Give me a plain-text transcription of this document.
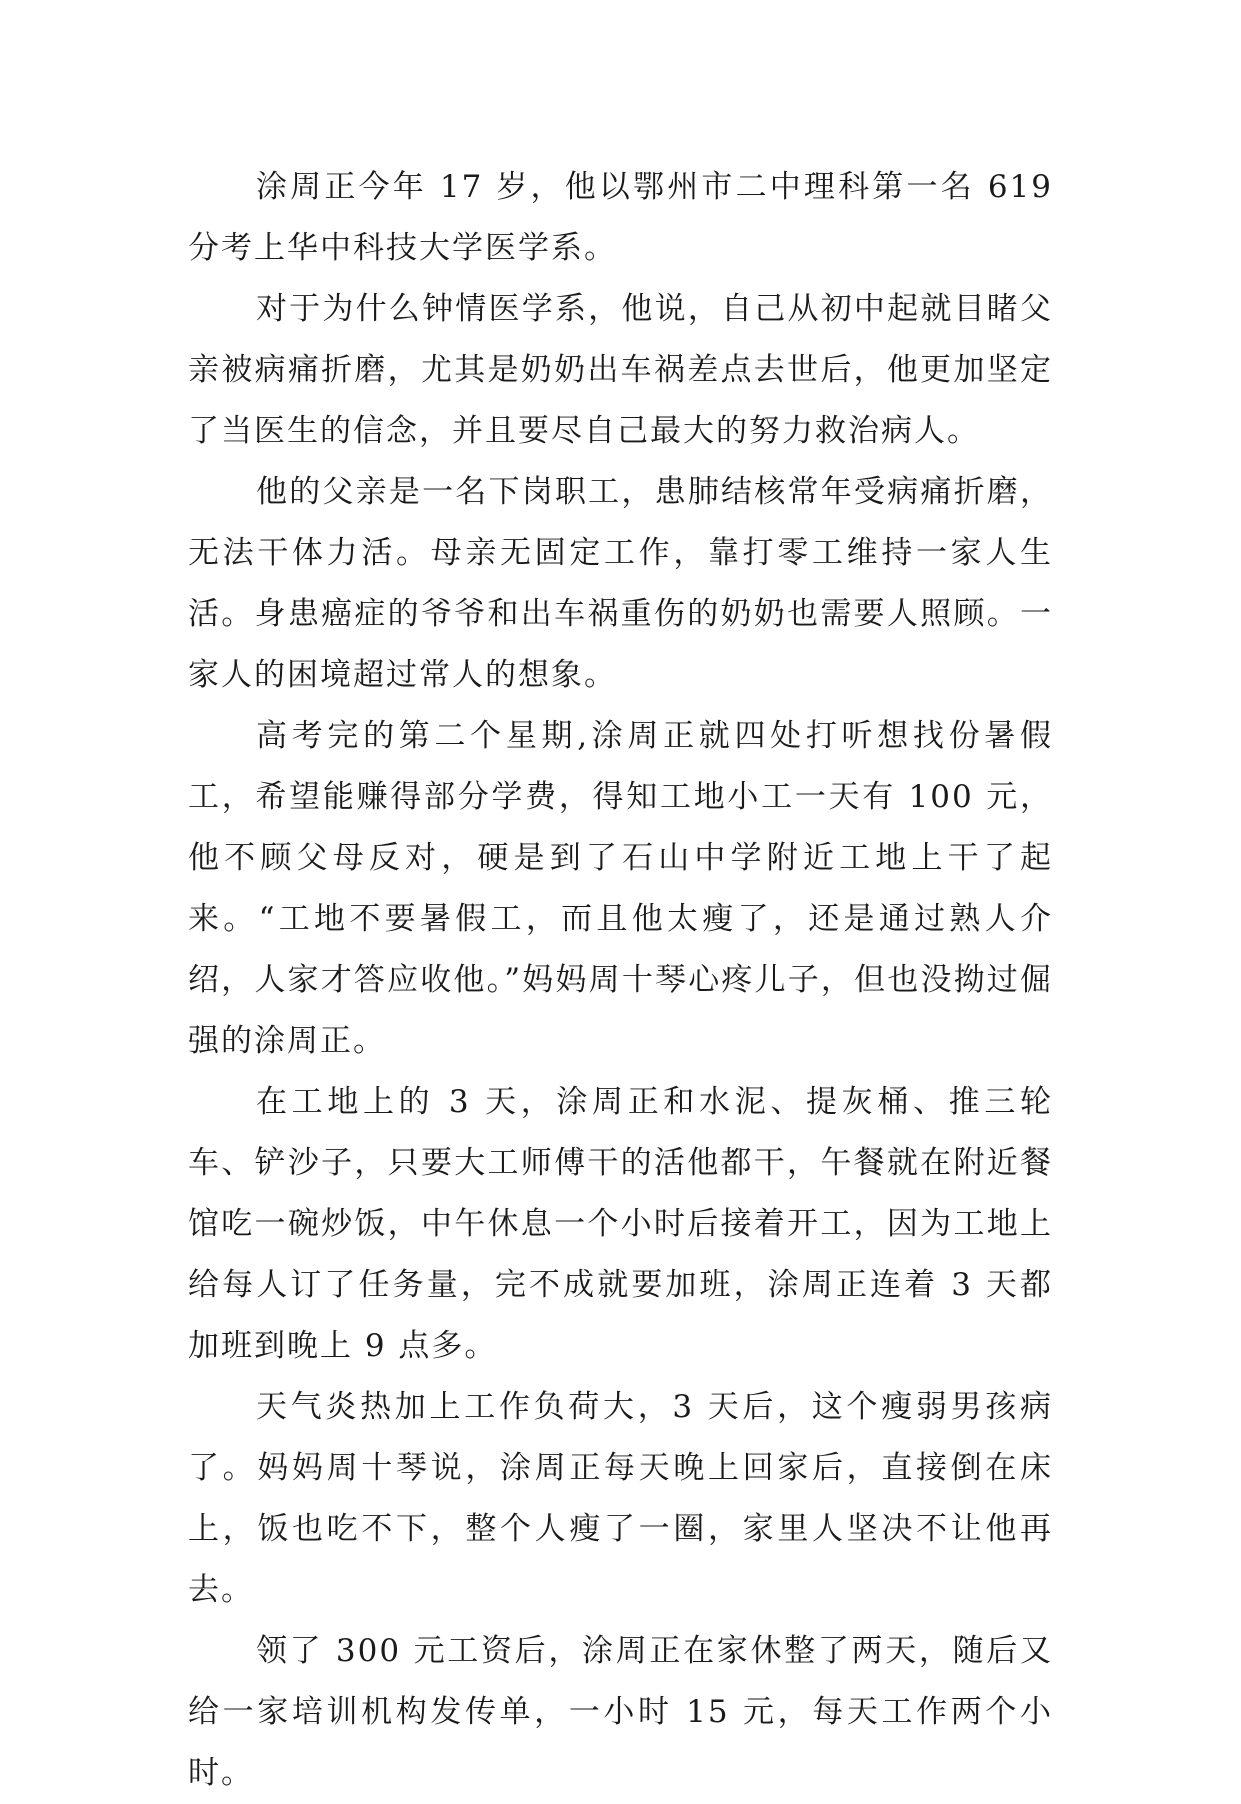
涂周正今年 17 岁，他以鄂州市二中理科第一名 619 分考上华中科技大学医学系。

对于为什么钟情医学系，他说，自己从初中起就目睹父亲被病痛折磨，尤其是奶奶出车祸差点去世后，他更加坚定了当医生的信念，并且要尽自己最大的努力救治病人。

他的父亲是一名下岗职工，患肺结核常年受病痛折磨，无法干体力活。母亲无固定工作，靠打零工维持一家人生活。身患癌症的爷爷和出车祸重伤的奶奶也需要人照顾。一家人的困境超过常人的想象。

高考完的第二个星期,涂周正就四处打听想找份暑假工，希望能赚得部分学费，得知工地小工一天有 100 元，他不顾父母反对，硬是到了石山中学附近工地上干了起来。“工地不要暑假工，而且他太瘦了，还是通过熟人介绍，人家才答应收他。”妈妈周十琴心疼儿子，但也没拗过倔强的涂周正。

在工地上的 3 天，涂周正和水泥、提灰桶、推三轮车、铲沙子，只要大工师傅干的活他都干，午餐就在附近餐馆吃一碗炒饭，中午休息一个小时后接着开工，因为工地上给每人订了任务量，完不成就要加班，涂周正连着 3 天都加班到晚上 9 点多。

天气炎热加上工作负荷大，3 天后，这个瘦弱男孩病了。妈妈周十琴说，涂周正每天晚上回家后，直接倒在床上，饭也吃不下，整个人瘦了一圈，家里人坚决不让他再去。

领了 300 元工资后，涂周正在家休整了两天，随后又给一家培训机构发传单，一小时 15 元，每天工作两个小时。
